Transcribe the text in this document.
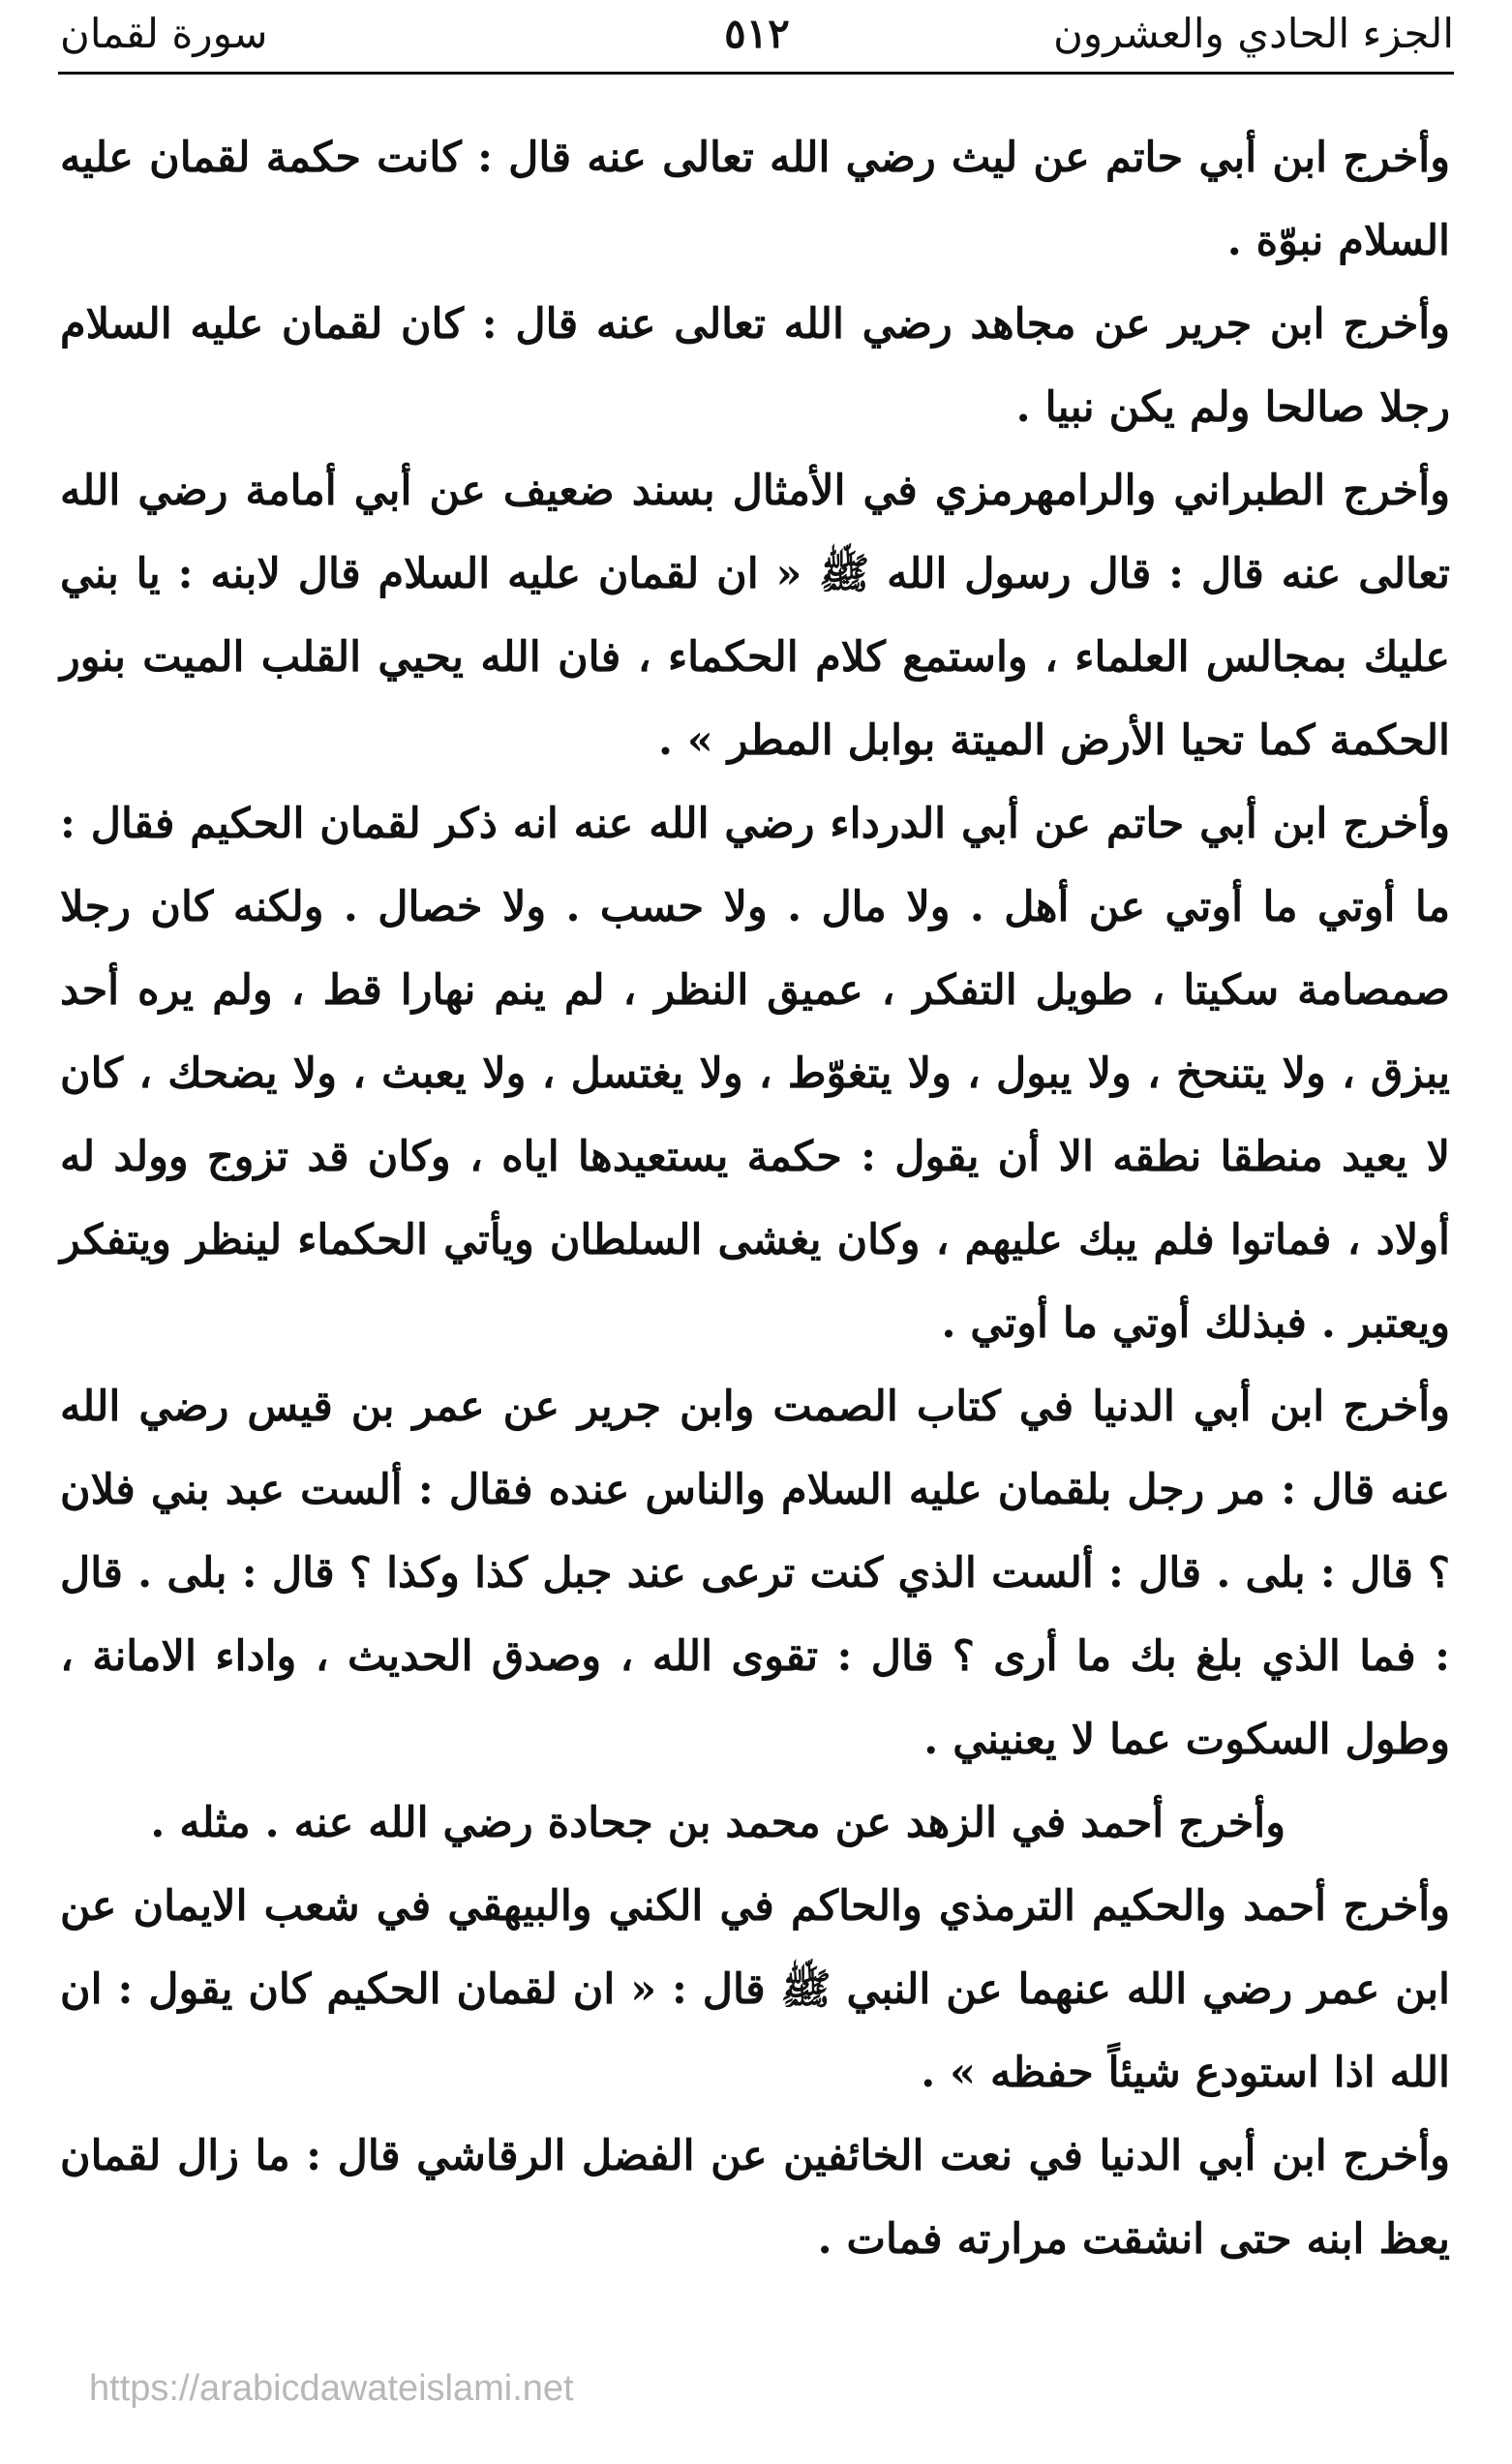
الجزء الحادي والعشرون
٥١٢
سورة لقمان

وأخرج ابن أبي حاتم عن ليث رضي الله تعالى عنه قال : كانت حكمة لقمان عليه السلام نبوّة .

وأخرج ابن جرير عن مجاهد رضي الله تعالى عنه قال : كان لقمان عليه السلام رجلا صالحا ولم يكن نبيا .

وأخرج الطبراني والرامهرمزي في الأمثال بسند ضعيف عن أبي أمامة رضي الله تعالى عنه قال : قال رسول الله ﷺ « ان لقمان عليه السلام قال لابنه : يا بني عليك بمجالس العلماء ، واستمع كلام الحكماء ، فان الله يحيي القلب الميت بنور الحكمة كما تحيا الأرض الميتة بوابل المطر » .

وأخرج ابن أبي حاتم عن أبي الدرداء رضي الله عنه انه ذكر لقمان الحكيم فقال : ما أوتي ما أوتي عن أهل . ولا مال . ولا حسب . ولا خصال . ولكنه كان رجلا صمصامة سكيتا ، طويل التفكر ، عميق النظر ، لم ينم نهارا قط ، ولم يره أحد يبزق ، ولا يتنحخ ، ولا يبول ، ولا يتغوّط ، ولا يغتسل ، ولا يعبث ، ولا يضحك ، كان لا يعيد منطقا نطقه الا أن يقول : حكمة يستعيدها اياه ، وكان قد تزوج وولد له أولاد ، فماتوا فلم يبك عليهم ، وكان يغشى السلطان ويأتي الحكماء لينظر ويتفكر ويعتبر . فبذلك أوتي ما أوتي .

وأخرج ابن أبي الدنيا في كتاب الصمت وابن جرير عن عمر بن قيس رضي الله عنه قال : مر رجل بلقمان عليه السلام والناس عنده فقال : ألست عبد بني فلان ؟ قال : بلى . قال : ألست الذي كنت ترعى عند جبل كذا وكذا ؟ قال : بلى . قال : فما الذي بلغ بك ما أرى ؟ قال : تقوى الله ، وصدق الحديث ، واداء الامانة ، وطول السكوت عما لا يعنيني .

وأخرج أحمد في الزهد عن محمد بن جحادة رضي الله عنه . مثله .

وأخرج أحمد والحكيم الترمذي والحاكم في الكني والبيهقي في شعب الايمان عن ابن عمر رضي الله عنهما عن النبي ﷺ قال : « ان لقمان الحكيم كان يقول : ان الله اذا استودع شيئاً حفظه » .

وأخرج ابن أبي الدنيا في نعت الخائفين عن الفضل الرقاشي قال : ما زال لقمان يعظ ابنه حتى انشقت مرارته فمات .

https://arabicdawateislami.net
